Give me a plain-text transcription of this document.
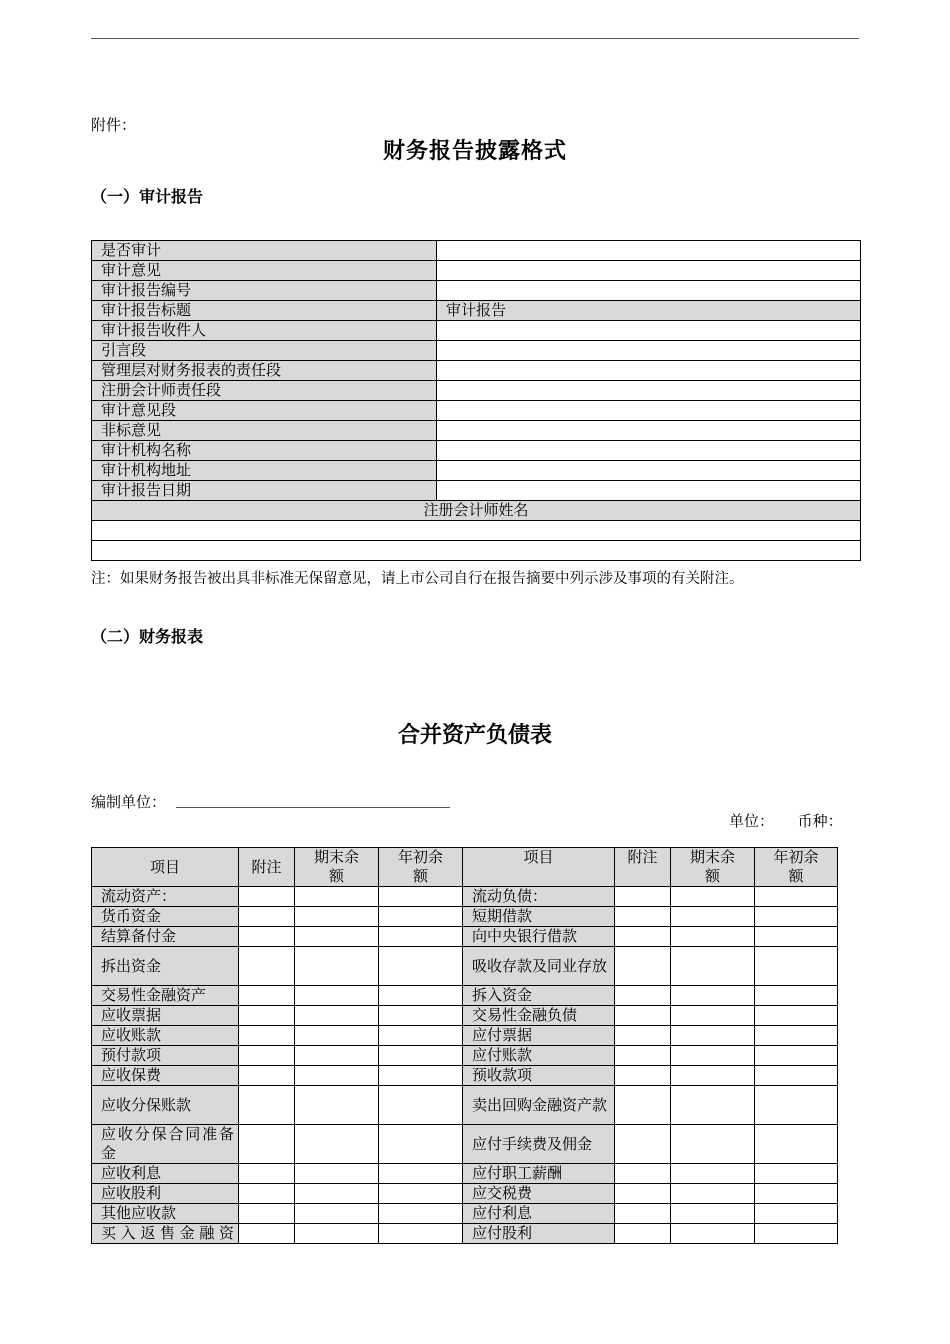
附件：
财务报告披露格式
（一）审计报告
是否审计	
审计意见	
审计报告编号	
审计报告标题	审计报告
审计报告收件人	
引言段	
管理层对财务报表的责任段	
注册会计师责任段	
审计意见段	
非标意见	
审计机构名称	
审计机构地址	
审计报告日期	
注册会计师姓名	

注：如果财务报告被出具非标准无保留意见，请上市公司自行在报告摘要中列示涉及事项的有关附注。
（二）财务报表
合并资产负债表
编制单位：
单位： 币种：
项目	附注	期末余额	年初余额	项目	附注	期末余额	年初余额
流动资产：				流动负债：			
货币资金				短期借款			
结算备付金				向中央银行借款			
拆出资金				吸收存款及同业存放			
交易性金融资产				拆入资金			
应收票据				交易性金融负债			
应收账款				应付票据			
预付款项				应付账款			
应收保费				预收款项			
应收分保账款				卖出回购金融资产款			
应收分保合同准备金				应付手续费及佣金			
应收利息				应付职工薪酬			
应收股利				应交税费			
其他应收款				应付利息			
买入返售金融资				应付股利			
